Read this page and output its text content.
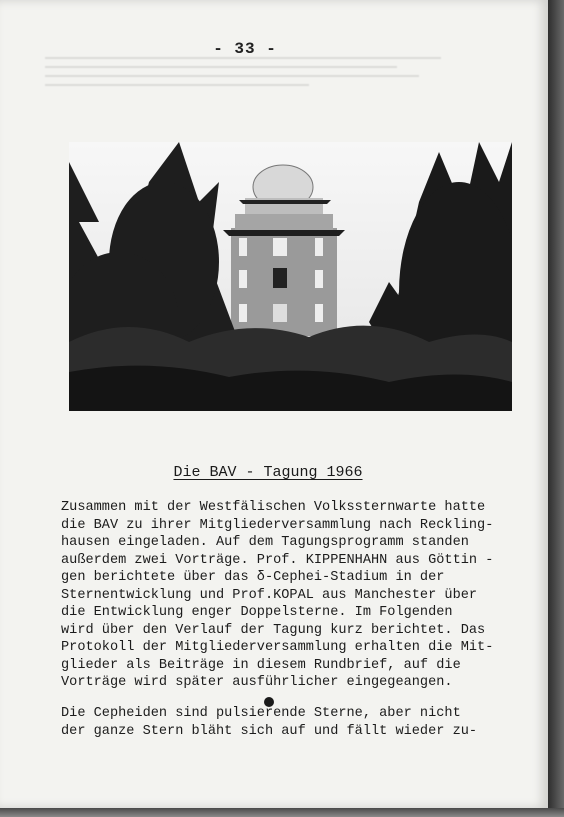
- 33 -
Die BAV - Tagung 1966
Zusammen mit der Westfälischen Volkssternwarte hatte
die BAV zu ihrer Mitgliederversammlung nach Reckling-
hausen eingeladen. Auf dem Tagungsprogramm standen
außerdem zwei Vorträge. Prof. KIPPENHAHN aus Göttin -
gen berichtete über das δ-Cephei-Stadium in der
Sternentwicklung und Prof.KOPAL aus Manchester über
die Entwicklung enger Doppelsterne. Im Folgenden
wird über den Verlauf der Tagung kurz berichtet. Das
Protokoll der Mitgliederversammlung erhalten die Mit-
glieder als Beiträge in diesem Rundbrief, auf die
Vorträge wird später ausführlicher eingegeangen.
Die Cepheiden sind pulsierende Sterne, aber nicht
der ganze Stern bläht sich auf und fällt wieder zu-
